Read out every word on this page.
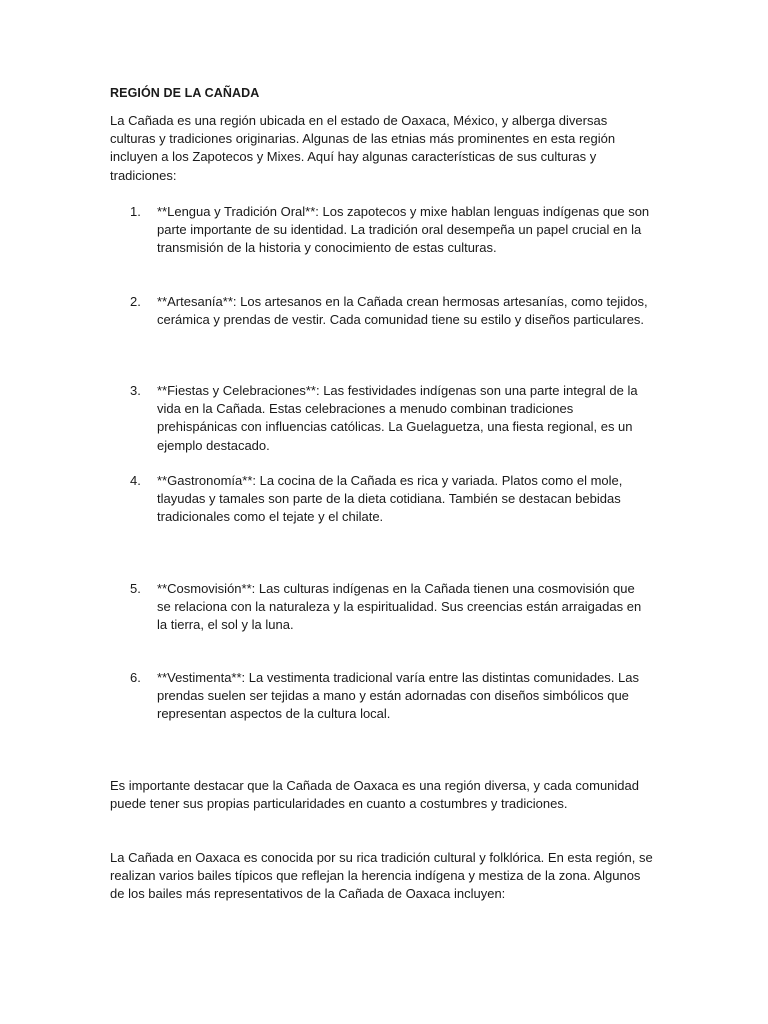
REGIÓN DE LA CAÑADA

La Cañada es una región ubicada en el estado de Oaxaca, México, y alberga diversas culturas y tradiciones originarias. Algunas de las etnias más prominentes en esta región incluyen a los Zapotecos y Mixes. Aquí hay algunas características de sus culturas y tradiciones:

1.	**Lengua y Tradición Oral**: Los zapotecos y mixe hablan lenguas indígenas que son parte importante de su identidad. La tradición oral desempeña un papel crucial en la transmisión de la historia y conocimiento de estas culturas.
2.	**Artesanía**: Los artesanos en la Cañada crean hermosas artesanías, como tejidos, cerámica y prendas de vestir. Cada comunidad tiene su estilo y diseños particulares.
3.	**Fiestas y Celebraciones**: Las festividades indígenas son una parte integral de la vida en la Cañada. Estas celebraciones a menudo combinan tradiciones prehispánicas con influencias católicas. La Guelaguetza, una fiesta regional, es un ejemplo destacado.
4.	**Gastronomía**: La cocina de la Cañada es rica y variada. Platos como el mole, tlayudas y tamales son parte de la dieta cotidiana. También se destacan bebidas tradicionales como el tejate y el chilate.
5.	**Cosmovisión**: Las culturas indígenas en la Cañada tienen una cosmovisión que se relaciona con la naturaleza y la espiritualidad. Sus creencias están arraigadas en la tierra, el sol y la luna.
6.	**Vestimenta**: La vestimenta tradicional varía entre las distintas comunidades. Las prendas suelen ser tejidas a mano y están adornadas con diseños simbólicos que representan aspectos de la cultura local.

Es importante destacar que la Cañada de Oaxaca es una región diversa, y cada comunidad puede tener sus propias particularidades en cuanto a costumbres y tradiciones.

La Cañada en Oaxaca es conocida por su rica tradición cultural y folklórica. En esta región, se realizan varios bailes típicos que reflejan la herencia indígena y mestiza de la zona. Algunos de los bailes más representativos de la Cañada de Oaxaca incluyen:
